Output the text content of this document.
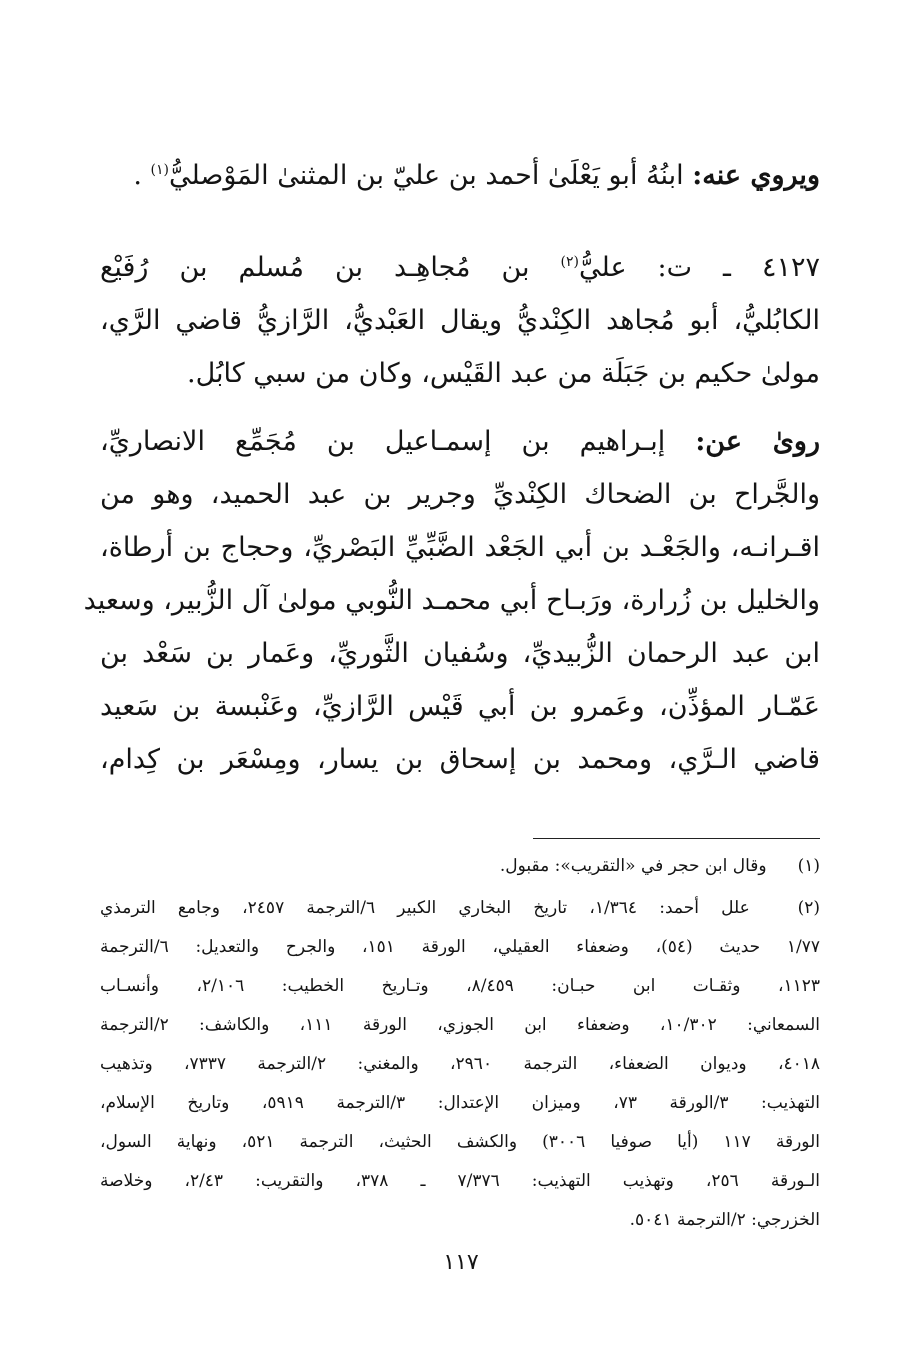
ويروي عنه: ابنُهُ أبو يَعْلَىٰ أحمد بن عليّ بن المثنىٰ المَوْصليُّ$^{(١)}$ .
٤١٢٧ ـ ت: عليُّ$^{(٢)}$ بن مُجاهِـد بن مُسلم بن رُفَيْع
الكابُليُّ، أبو مُجاهد الكِنْديُّ ويقال العَبْديُّ، الرَّازيُّ قاضي الرَّي،
مولىٰ حكيم بن جَبَلَة من عبد القَيْس، وكان من سبي كابُل.
روىٰ عن: إبـراهيم بن إسمـاعيل بن مُجَمِّع الانصاريِّ،
والجَّراح بن الضحاك الكِنْديِّ وجرير بن عبد الحميد، وهو من
اقـرانـه، والجَعْـد بن أبي الجَعْد الضَّبِّيِّ البَصْريِّ، وحجاج بن أرطاة،
والخليل بن زُرارة، ورَبـاح أبي محمـد النُّوبي مولىٰ آل الزُّبير، وسعيد
ابن عبد الرحمان الزُّبيديِّ، وسُفيان الثَّوريِّ، وعَمار بن سَعْد بن
عَمّـار المؤذِّن، وعَمرو بن أبي قَيْس الرَّازيِّ، وعَنْبسة بن سَعيد
قاضي الـرَّي، ومحمد بن إسحاق بن يسار، ومِسْعَر بن كِدام،
(١) وقال ابن حجر في «التقريب»: مقبول.
(٢) علل أحمد: ١/٣٦٤، تاريخ البخاري الكبير ٦/الترجمة ٢٤٥٧، وجامع الترمذي
١/٧٧ حديث (٥٤)، وضعفاء العقيلي، الورقة ١٥١، والجرح والتعديل: ٦/الترجمة
١١٢٣، وثقـات ابن حبـان: ٨/٤٥٩، وتـاريخ الخطيب: ٢/١٠٦، وأنسـاب
السمعاني: ١٠/٣٠٢، وضعفاء ابن الجوزي، الورقة ١١١، والكاشف: ٢/الترجمة
٤٠١٨، وديوان الضعفاء، الترجمة ٢٩٦٠، والمغني: ٢/الترجمة ٧٣٣٧، وتذهيب
التهذيب: ٣/الورقة ٧٣، وميزان الإعتدال: ٣/الترجمة ٥٩١٩، وتاريخ الإسلام،
الورقة ١١٧ (أيا صوفيا ٣٠٠٦) والكشف الحثيث، الترجمة ٥٢١، ونهاية السول،
الـورقة ٢٥٦، وتهذيب التهذيب: ٧/٣٧٦ ـ ٣٧٨، والتقريب: ٢/٤٣، وخلاصة
الخزرجي: ٢/الترجمة ٥٠٤١.
١١٧
